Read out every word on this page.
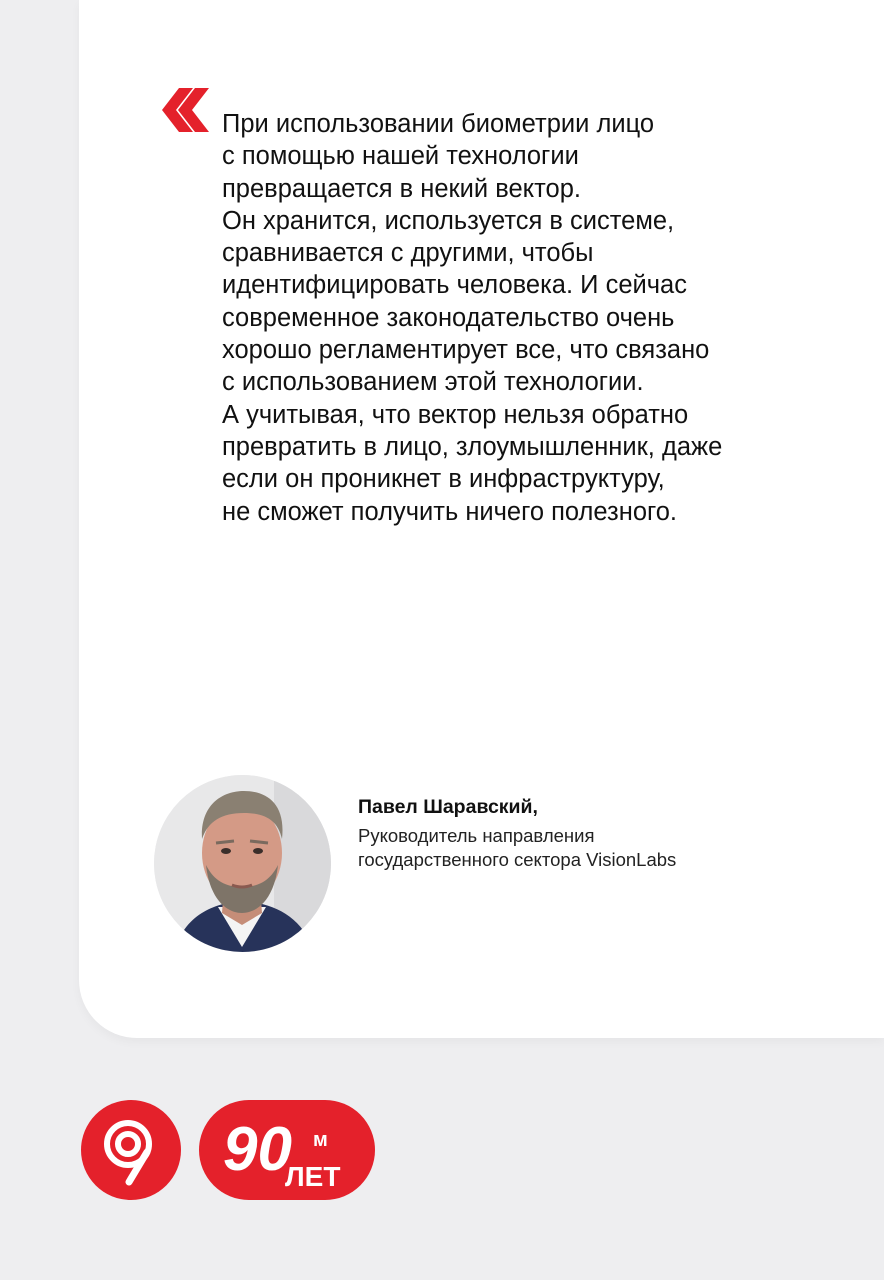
При использовании биометрии лицо
с помощью нашей технологии
превращается в некий вектор.
Он хранится, используется в системе,
сравнивается с другими, чтобы
идентифицировать человека. И сейчас
современное законодательство очень
хорошо регламентирует все, что связано
с использованием этой технологии.
А учитывая, что вектор нельзя обратно
превратить в лицо, злоумышленник, даже
если он проникнет в инфраструктуру,
не сможет получить ничего полезного.

Павел Шаравский,
Руководитель направления
государственного сектора VisionLabs
90 м
ЛЕТ
